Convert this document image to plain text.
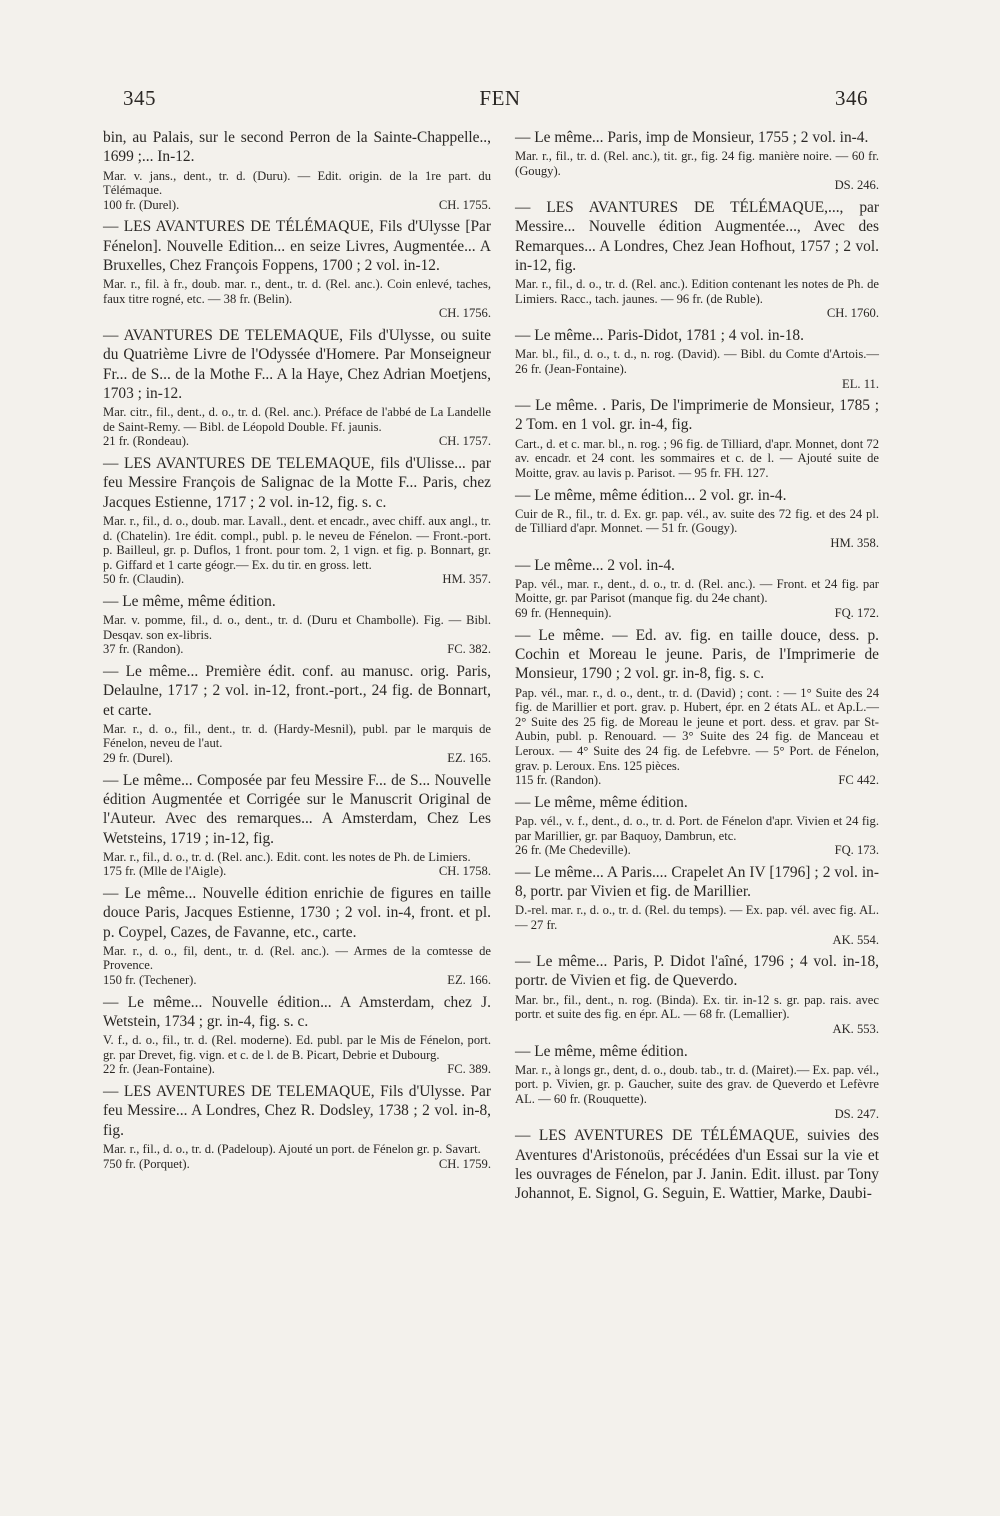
FEN
345	346

bin, au Palais, sur le second Perron de la Sainte-Chappelle.., 1699 ;... In-12.

Mar. v. jans., dent., tr. d. (Duru). — Edit. origin. de la 1re part. du Télémaque.

100 fr. (Durel).	CH. 1755.

— LES AVANTURES DE TÉLÉMAQUE, Fils d'Ulysse [Par Fénelon]. Nouvelle Edition... en seize Livres, Augmentée... A Bruxelles, Chez François Foppens, 1700 ; 2 vol. in-12.

Mar. r., fil. à fr., doub. mar. r., dent., tr. d. (Rel. anc.). Coin enlevé, taches, faux titre rogné, etc. — 38 fr. (Belin).

CH. 1756.

— AVANTURES DE TELEMAQUE, Fils d'Ulysse, ou suite du Quatrième Livre de l'Odyssée d'Homere. Par Monseigneur Fr... de S... de la Mothe F... A la Haye, Chez Adrian Moetjens, 1703 ; in-12.

Mar. citr., fil., dent., d. o., tr. d. (Rel. anc.). Préface de l'abbé de La Landelle de Saint-Remy. — Bibl. de Léopold Double. Ff. jaunis.

21 fr. (Rondeau).	CH. 1757.

— LES AVANTURES DE TELEMAQUE, fils d'Ulisse... par feu Messire François de Salignac de la Motte F... Paris, chez Jacques Estienne, 1717 ; 2 vol. in-12, fig. s. c.

Mar. r., fil., d. o., doub. mar. Lavall., dent. et encadr., avec chiff. aux angl., tr. d. (Chatelin). 1re édit. compl., publ. p. le neveu de Fénelon. — Front.-port. p. Bailleul, gr. p. Duflos, 1 front. pour tom. 2, 1 vign. et fig. p. Bonnart, gr. p. Giffard et 1 carte géogr.— Ex. du tir. en gross. lett.

50 fr. (Claudin).	HM. 357.

— Le même, même édition.

Mar. v. pomme, fil., d. o., dent., tr. d. (Duru et Chambolle). Fig. — Bibl. Desqav. son ex-libris.

37 fr. (Randon).	FC. 382.

— Le même... Première édit. conf. au manusc. orig. Paris, Delaulne, 1717 ; 2 vol. in-12, front.-port., 24 fig. de Bonnart, et carte.

Mar. r., d. o., fil., dent., tr. d. (Hardy-Mesnil), publ. par le marquis de Fénelon, neveu de l'aut.

29 fr. (Durel).	EZ. 165.

— Le même... Composée par feu Messire F... de S... Nouvelle édition Augmentée et Corrigée sur le Manuscrit Original de l'Auteur. Avec des remarques... A Amsterdam, Chez Les Wetsteins, 1719 ; in-12, fig.

Mar. r., fil., d. o., tr. d. (Rel. anc.). Edit. cont. les notes de Ph. de Limiers.

175 fr. (Mlle de l'Aigle).	CH. 1758.

— Le même... Nouvelle édition enrichie de figures en taille douce Paris, Jacques Estienne, 1730 ; 2 vol. in-4, front. et pl. p. Coypel, Cazes, de Favanne, etc., carte.

Mar. r., d. o., fil, dent., tr. d. (Rel. anc.). — Armes de la comtesse de Provence.

150 fr. (Techener).	EZ. 166.

— Le même... Nouvelle édition... A Amsterdam, chez J. Wetstein, 1734 ; gr. in-4, fig. s. c.

V. f., d. o., fil., tr. d. (Rel. moderne). Ed. publ. par le Mis de Fénelon, port. gr. par Drevet, fig. vign. et c. de l. de B. Picart, Debrie et Dubourg.

22 fr. (Jean-Fontaine).	FC. 389.

— LES AVENTURES DE TELEMAQUE, Fils d'Ulysse. Par feu Messire... A Londres, Chez R. Dodsley, 1738 ; 2 vol. in-8, fig.

Mar. r., fil., d. o., tr. d. (Padeloup). Ajouté un port. de Fénelon gr. p. Savart.

750 fr. (Porquet).	CH. 1759.

— Le même... Paris, imp de Monsieur, 1755 ; 2 vol. in-4.

Mar. r., fil., tr. d. (Rel. anc.), tit. gr., fig. 24 fig. manière noire. — 60 fr. (Gougy).

DS. 246.

— LES AVANTURES DE TÉLÉMAQUE,..., par Messire... Nouvelle édition Augmentée..., Avec des Remarques... A Londres, Chez Jean Hofhout, 1757 ; 2 vol. in-12, fig.

Mar. r., fil., d. o., tr. d. (Rel. anc.). Edition contenant les notes de Ph. de Limiers. Racc., tach. jaunes. — 96 fr. (de Ruble).

CH. 1760.

— Le même... Paris-Didot, 1781 ; 4 vol. in-18.

Mar. bl., fil., d. o., t. d., n. rog. (David). — Bibl. du Comte d'Artois.— 26 fr. (Jean-Fontaine).

EL. 11.

— Le même. . Paris, De l'imprimerie de Monsieur, 1785 ; 2 Tom. en 1 vol. gr. in-4, fig.

Cart., d. et c. mar. bl., n. rog. ; 96 fig. de Tilliard, d'apr. Monnet, dont 72 av. encadr. et 24 cont. les sommaires et c. de l. — Ajouté suite de Moitte, grav. au lavis p. Parisot. — 95 fr. FH. 127.

— Le même, même édition... 2 vol. gr. in-4.

Cuir de R., fil., tr. d. Ex. gr. pap. vél., av. suite des 72 fig. et des 24 pl. de Tilliard d'apr. Monnet. — 51 fr. (Gougy).

HM. 358.

— Le même... 2 vol. in-4.

Pap. vél., mar. r., dent., d. o., tr. d. (Rel. anc.). — Front. et 24 fig. par Moitte, gr. par Parisot (manque fig. du 24e chant).

69 fr. (Hennequin).	FQ. 172.

— Le même. — Ed. av. fig. en taille douce, dess. p. Cochin et Moreau le jeune. Paris, de l'Imprimerie de Monsieur, 1790 ; 2 vol. gr. in-8, fig. s. c.

Pap. vél., mar. r., d. o., dent., tr. d. (David) ; cont. : — 1° Suite des 24 fig. de Marillier et port. grav. p. Hubert, épr. en 2 états AL. et Ap.L.— 2° Suite des 25 fig. de Moreau le jeune et port. dess. et grav. par St-Aubin, publ. p. Renouard. — 3° Suite des 24 fig. de Manceau et Leroux. — 4° Suite des 24 fig. de Lefebvre. — 5° Port. de Fénelon, grav. p. Leroux. Ens. 125 pièces.

115 fr. (Randon).	FC 442.

— Le même, même édition.

Pap. vél., v. f., dent., d. o., tr. d. Port. de Fénelon d'apr. Vivien et 24 fig. par Marillier, gr. par Baquoy, Dambrun, etc.

26 fr. (Me Chedeville).	FQ. 173.

— Le même... A Paris.... Crapelet An IV [1796] ; 2 vol. in-8, portr. par Vivien et fig. de Marillier.

D.-rel. mar. r., d. o., tr. d. (Rel. du temps). — Ex. pap. vél. avec fig. AL. — 27 fr.

AK. 554.

— Le même... Paris, P. Didot l'aîné, 1796 ; 4 vol. in-18, portr. de Vivien et fig. de Queverdo.

Mar. br., fil., dent., n. rog. (Binda). Ex. tir. in-12 s. gr. pap. rais. avec portr. et suite des fig. en épr. AL. — 68 fr. (Lemallier).

AK. 553.

— Le même, même édition.

Mar. r., à longs gr., dent, d. o., doub. tab., tr. d. (Mairet).— Ex. pap. vél., port. p. Vivien, gr. p. Gaucher, suite des grav. de Queverdo et Lefèvre AL. — 60 fr. (Rouquette).

DS. 247.

— LES AVENTURES DE TÉLÉMAQUE, suivies des Aventures d'Aristonoüs, précédées d'un Essai sur la vie et les ouvrages de Fénelon, par J. Janin. Edit. illust. par Tony Johannot, E. Signol, G. Seguin, E. Wattier, Marke, Daubi-
